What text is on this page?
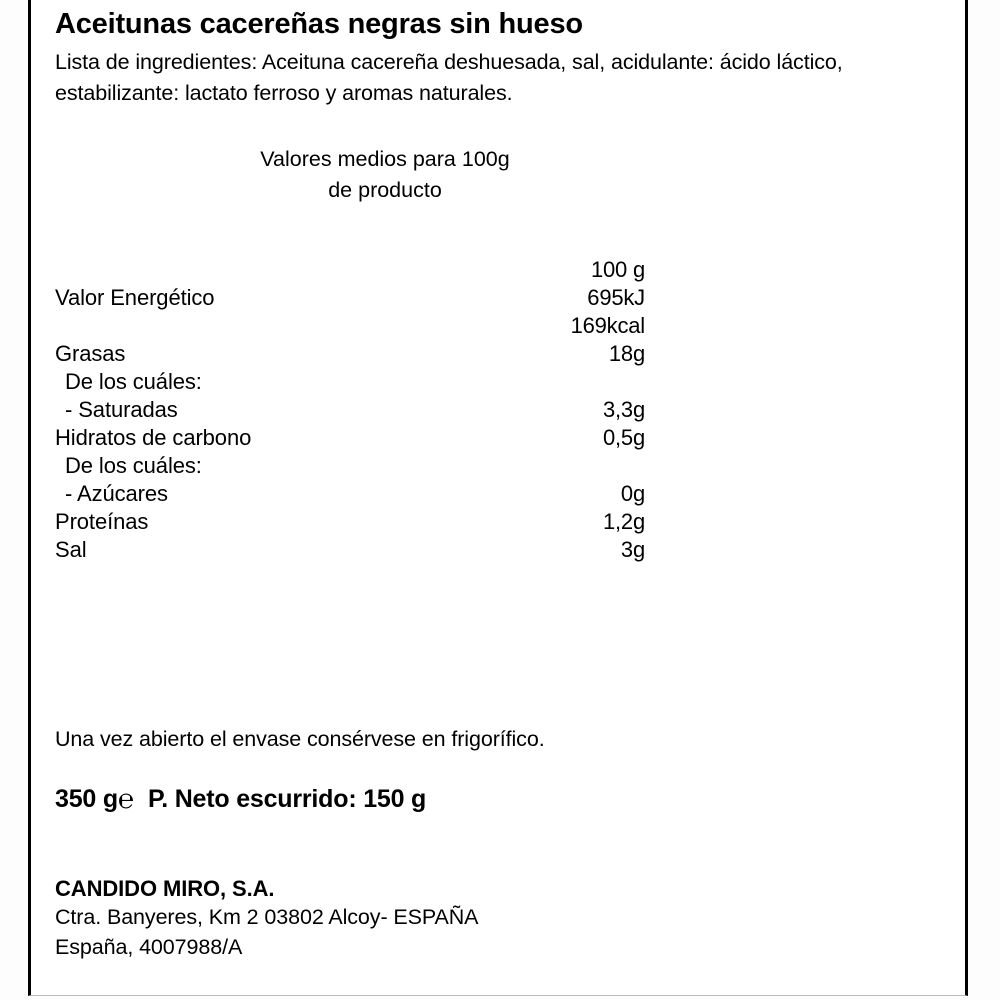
Aceitunas cacereñas negras sin hueso
Lista de ingredientes: Aceituna cacereña deshuesada, sal, acidulante: ácido láctico, estabilizante: lactato ferroso y aromas naturales.
Valores medios para 100g
de producto
100 g
Valor Energético	695kJ
169kcal
Grasas	18g
De los cuáles:
- Saturadas	3,3g
Hidratos de carbono	0,5g
De los cuáles:
- Azúcares	0g
Proteínas	1,2g
Sal	3g
Una vez abierto el envase consérvese en frigorífico.
350 g℮ P. Neto escurrido: 150 g
CANDIDO MIRO, S.A.
Ctra. Banyeres, Km 2 03802 Alcoy- ESPAÑA
España, 4007988/A
